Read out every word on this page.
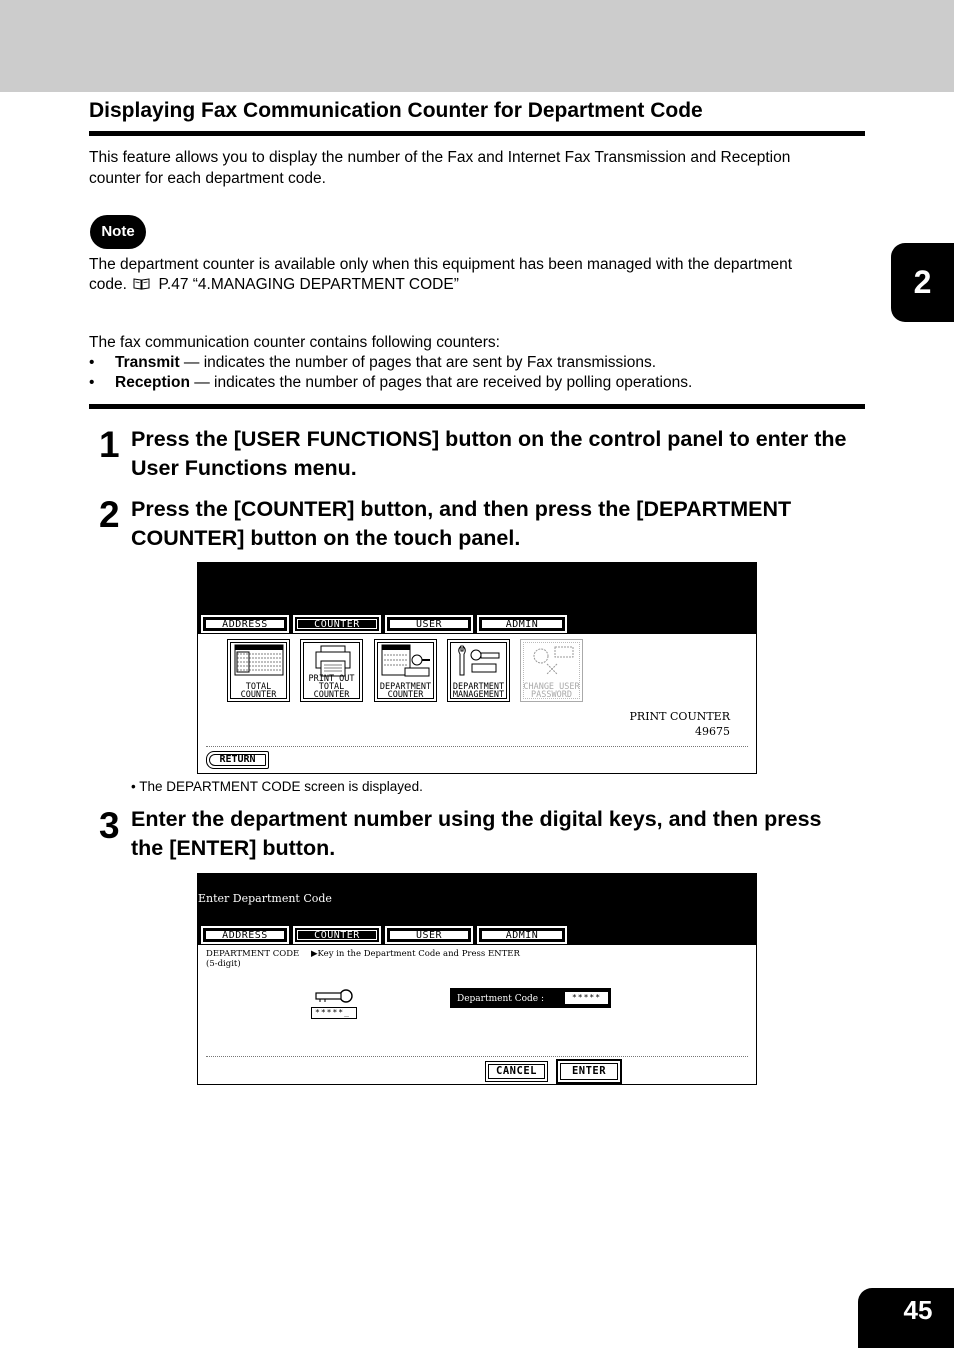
Displaying Fax Communication Counter for Department Code
This feature allows you to display the number of the Fax and Internet Fax Transmission and Reception
counter for each department code.
Note
The department counter is available only when this equipment has been managed with the department
code. P.47 “4.MANAGING DEPARTMENT CODE”
The fax communication counter contains following counters:
• Transmit — indicates the number of pages that are sent by Fax transmissions.
• Reception — indicates the number of pages that are received by polling operations.
2
1 Press the [USER FUNCTIONS] button on the control panel to enter the
User Functions menu.
2 Press the [COUNTER] button, and then press the [DEPARTMENT
COUNTER] button on the touch panel.
ADDRESS	COUNTER	USER	ADMIN
TOTAL
COUNTER
PRINT OUT
TOTAL COUNTER
DEPARTMENT
COUNTER
DEPARTMENT
MANAGEMENT
CHANGE USER
PASSWORD
PRINT COUNTER
49675
RETURN
• The DEPARTMENT CODE screen is displayed.
3 Enter the department number using the digital keys, and then press
the [ENTER] button.
Enter Department Code
ADDRESS	COUNTER	USER	ADMIN
DEPARTMENT CODE
(5-digit)
▶Key in the Department Code and Press ENTER
*****_
Department Code :	*****
CANCEL	ENTER
45
